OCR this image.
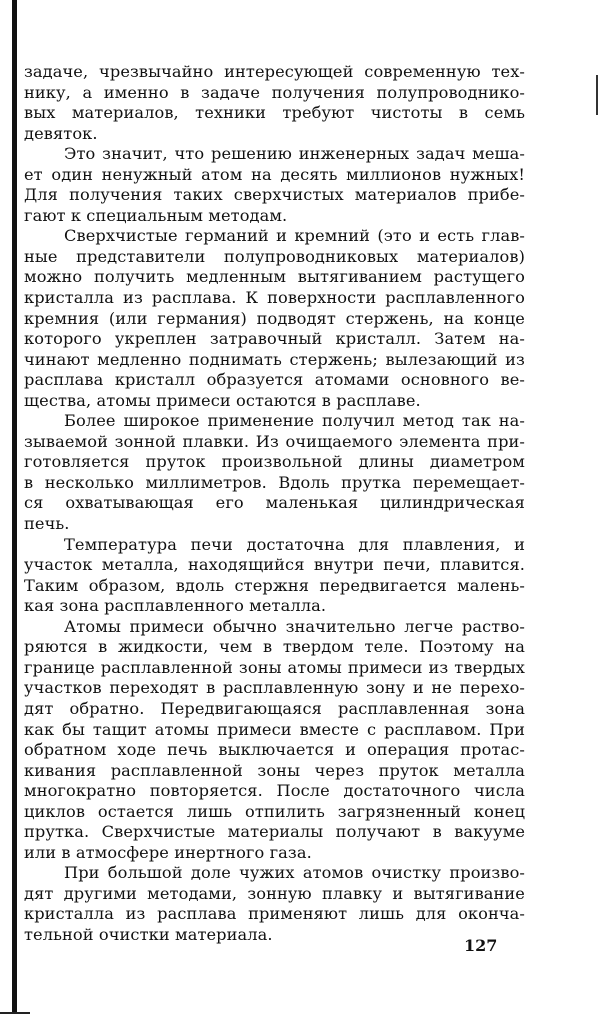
задаче, чрезвычайно интересующей современную тех-
нику, а именно в задаче получения полупроводнико-
вых материалов, техники требуют чистоты в семь
девяток.
Это значит, что решению инженерных задач меша-
ет один ненужный атом на десять миллионов нужных!
Для получения таких сверхчистых материалов прибе-
гают к специальным методам.
Сверхчистые германий и кремний (это и есть глав-
ные представители полупроводниковых материалов)
можно получить медленным вытягиванием растущего
кристалла из расплава. К поверхности расплавленного
кремния (или германия) подводят стержень, на конце
которого укреплен затравочный кристалл. Затем на-
чинают медленно поднимать стержень; вылезающий из
расплава кристалл образуется атомами основного ве-
щества, атомы примеси остаются в расплаве.
Более широкое применение получил метод так на-
зываемой зонной плавки. Из очищаемого элемента при-
готовляется пруток произвольной длины диаметром
в несколько миллиметров. Вдоль прутка перемещает-
ся охватывающая его маленькая цилиндрическая
печь.
Температура печи достаточна для плавления, и
участок металла, находящийся внутри печи, плавится.
Таким образом, вдоль стержня передвигается малень-
кая зона расплавленного металла.
Атомы примеси обычно значительно легче раство-
ряются в жидкости, чем в твердом теле. Поэтому на
границе расплавленной зоны атомы примеси из твердых
участков переходят в расплавленную зону и не перехо-
дят обратно. Передвигающаяся расплавленная зона
как бы тащит атомы примеси вместе с расплавом. При
обратном ходе печь выключается и операция протас-
кивания расплавленной зоны через пруток металла
многократно повторяется. После достаточного числа
циклов остается лишь отпилить загрязненный конец
прутка. Сверхчистые материалы получают в вакууме
или в атмосфере инертного газа.
При большой доле чужих атомов очистку произво-
дят другими методами, зонную плавку и вытягивание
кристалла из расплава применяют лишь для оконча-
тельной очистки материала.
127
